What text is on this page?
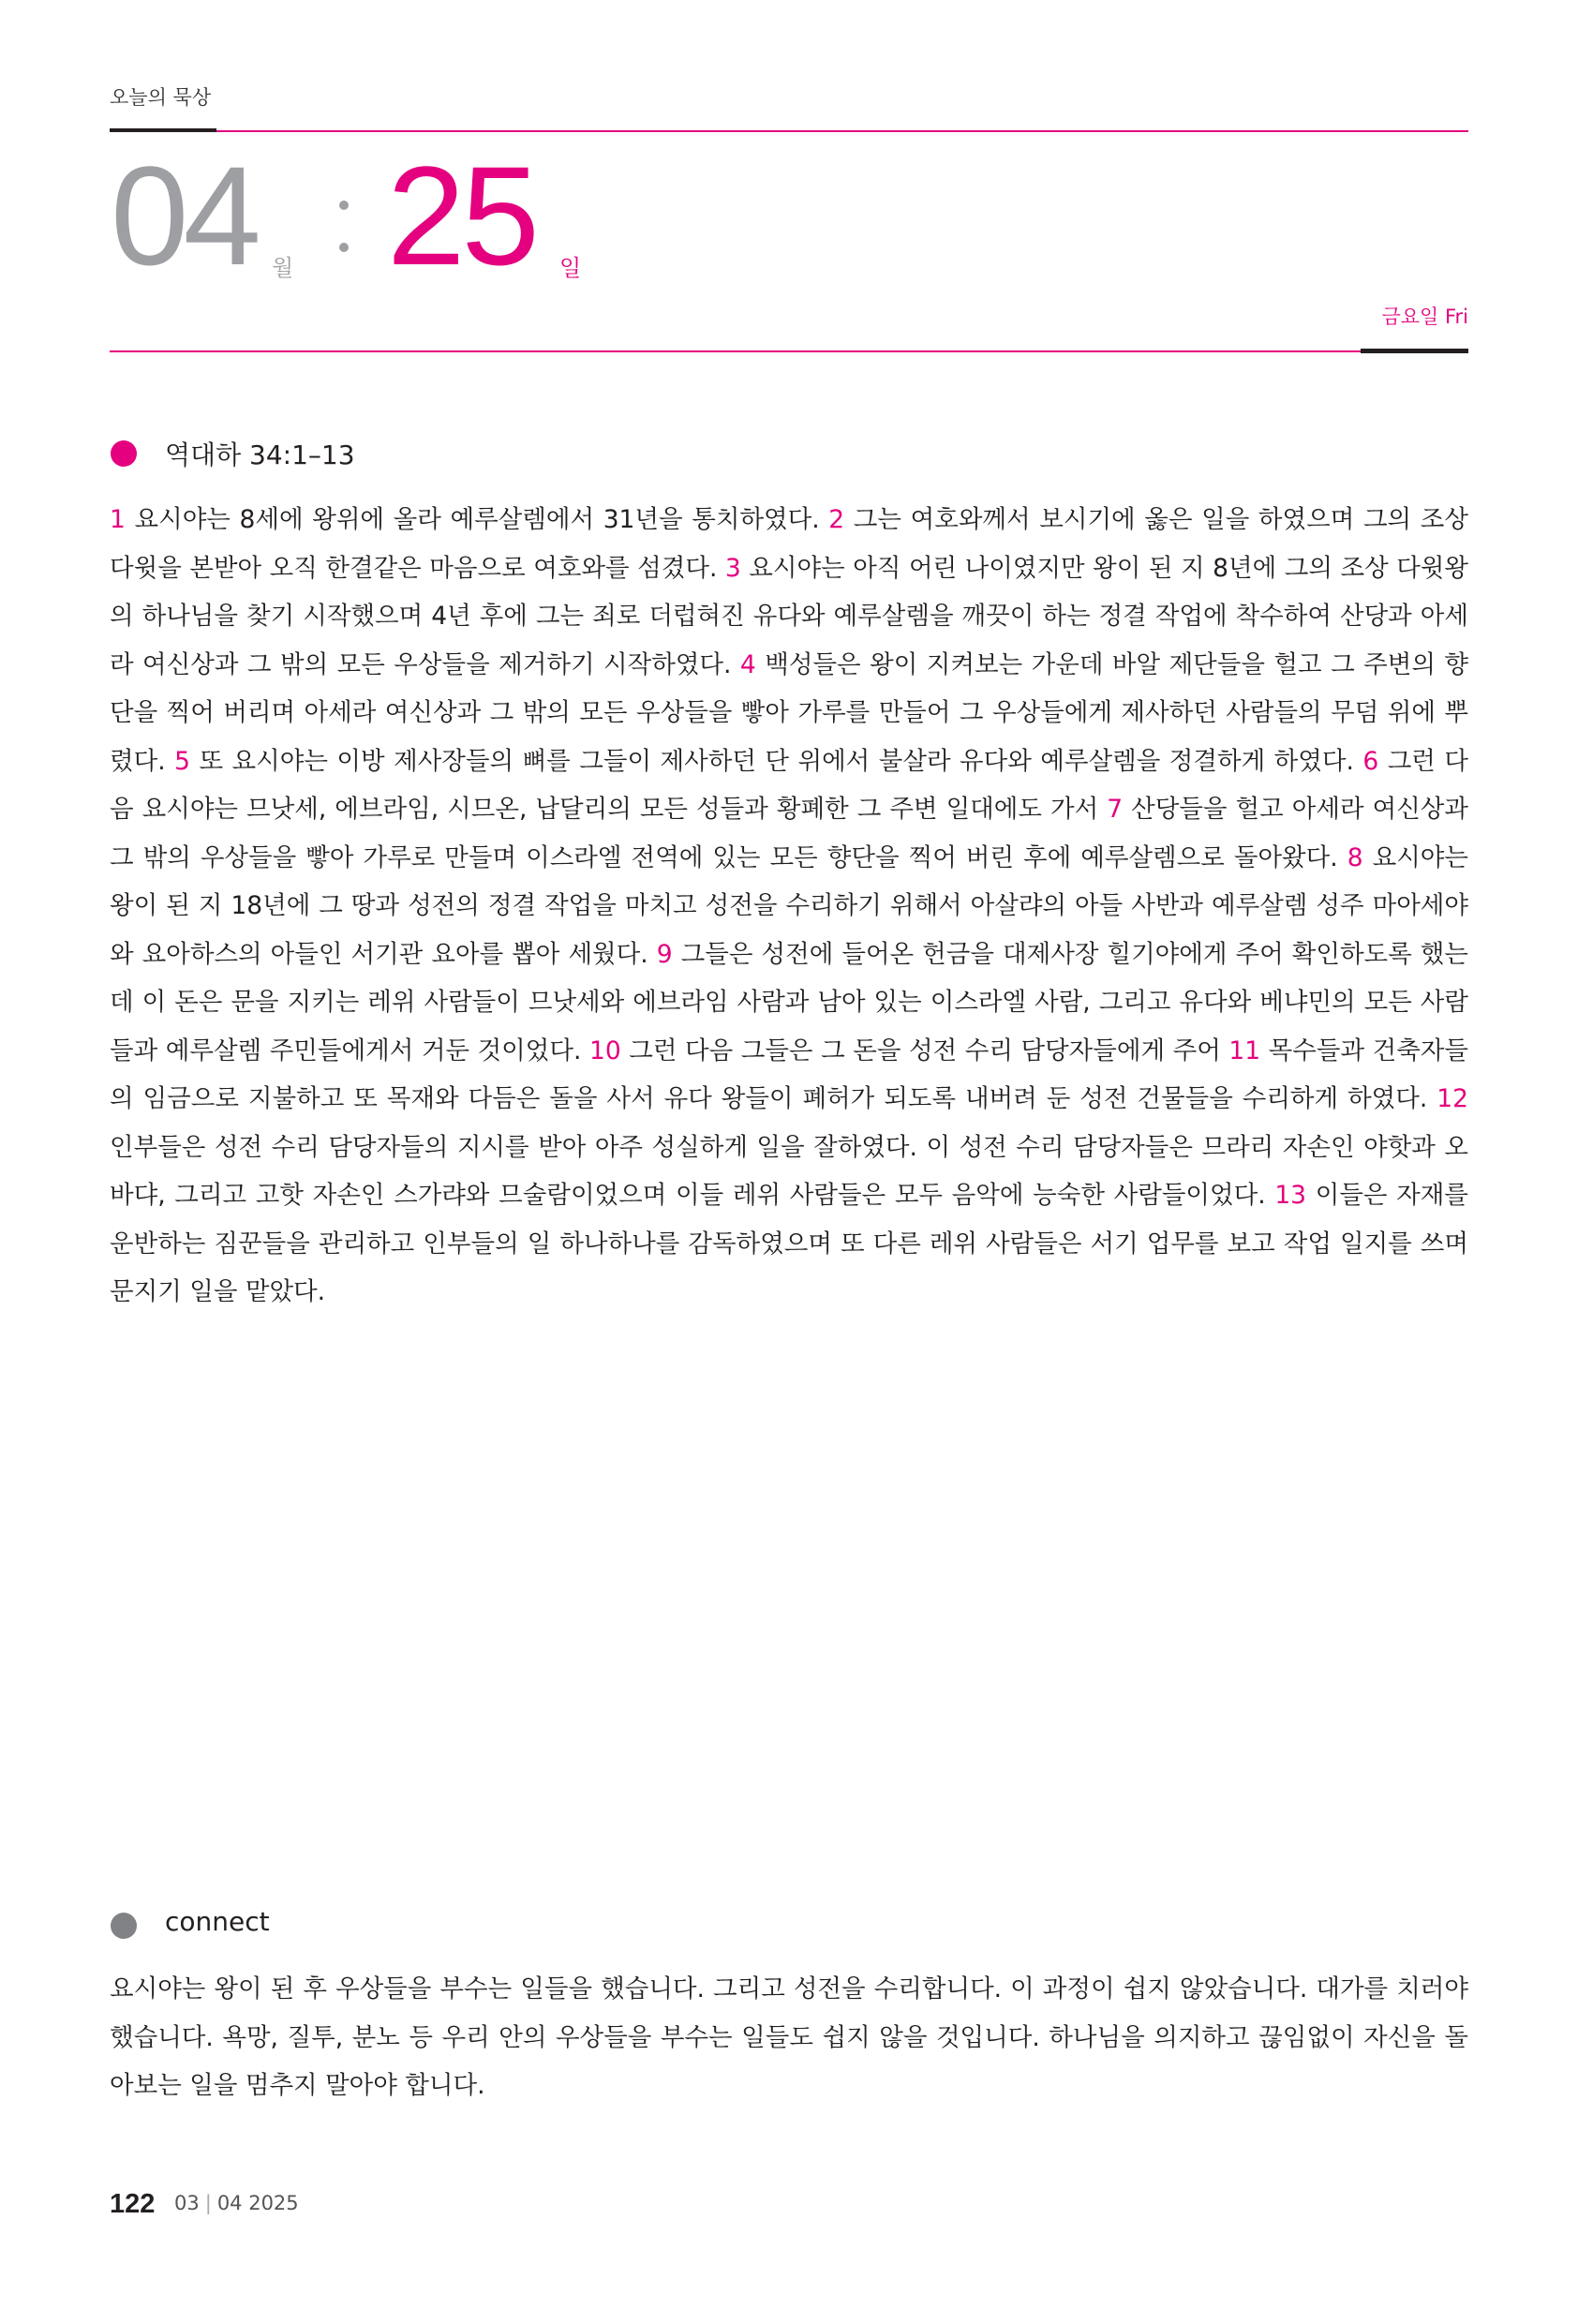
오늘의 묵상
04 월 25 일
금요일 Fri
역대하 34:1–13
1 요시야는 8세에 왕위에 올라 예루살렘에서 31년을 통치하였다. 2 그는 여호와께서 보시기에 옳은 일을 하였으며 그의 조상 다윗을 본받아 오직 한결같은 마음으로 여호와를 섬겼다. 3 요시야는 아직 어린 나이였지만 왕이 된 지 8년에 그의 조상 다윗왕의 하나님을 찾기 시작했으며 4년 후에 그는 죄로 더럽혀진 유다와 예루살렘을 깨끗이 하는 정결 작업에 착수하여 산당과 아세라 여신상과 그 밖의 모든 우상들을 제거하기 시작하였다. 4 백성들은 왕이 지켜보는 가운데 바알 제단들을 헐고 그 주변의 향단을 찍어 버리며 아세라 여신상과 그 밖의 모든 우상들을 빻아 가루를 만들어 그 우상들에게 제사하던 사람들의 무덤 위에 뿌렸다. 5 또 요시야는 이방 제사장들의 뼈를 그들이 제사하던 단 위에서 불살라 유다와 예루살렘을 정결하게 하였다. 6 그런 다음 요시야는 므낫세, 에브라임, 시므온, 납달리의 모든 성들과 황폐한 그 주변 일대에도 가서 7 산당들을 헐고 아세라 여신상과 그 밖의 우상들을 빻아 가루로 만들며 이스라엘 전역에 있는 모든 향단을 찍어 버린 후에 예루살렘으로 돌아왔다. 8 요시야는 왕이 된 지 18년에 그 땅과 성전의 정결 작업을 마치고 성전을 수리하기 위해서 아살랴의 아들 사반과 예루살렘 성주 마아세야와 요아하스의 아들인 서기관 요아를 뽑아 세웠다. 9 그들은 성전에 들어온 헌금을 대제사장 힐기야에게 주어 확인하도록 했는데 이 돈은 문을 지키는 레위 사람들이 므낫세와 에브라임 사람과 남아 있는 이스라엘 사람, 그리고 유다와 베냐민의 모든 사람들과 예루살렘 주민들에게서 거둔 것이었다. 10 그런 다음 그들은 그 돈을 성전 수리 담당자들에게 주어 11 목수들과 건축자들의 임금으로 지불하고 또 목재와 다듬은 돌을 사서 유다 왕들이 폐허가 되도록 내버려 둔 성전 건물들을 수리하게 하였다. 12 인부들은 성전 수리 담당자들의 지시를 받아 아주 성실하게 일을 잘하였다. 이 성전 수리 담당자들은 므라리 자손인 야핫과 오바댜, 그리고 고핫 자손인 스가랴와 므술람이었으며 이들 레위 사람들은 모두 음악에 능숙한 사람들이었다. 13 이들은 자재를 운반하는 짐꾼들을 관리하고 인부들의 일 하나하나를 감독하였으며 또 다른 레위 사람들은 서기 업무를 보고 작업 일지를 쓰며 문지기 일을 맡았다.
connect
요시야는 왕이 된 후 우상들을 부수는 일들을 했습니다. 그리고 성전을 수리합니다. 이 과정이 쉽지 않았습니다. 대가를 치러야 했습니다. 욕망, 질투, 분노 등 우리 안의 우상들을 부수는 일들도 쉽지 않을 것입니다. 하나님을 의지하고 끊임없이 자신을 돌아보는 일을 멈추지 말아야 합니다.
122 03 | 04 2025
